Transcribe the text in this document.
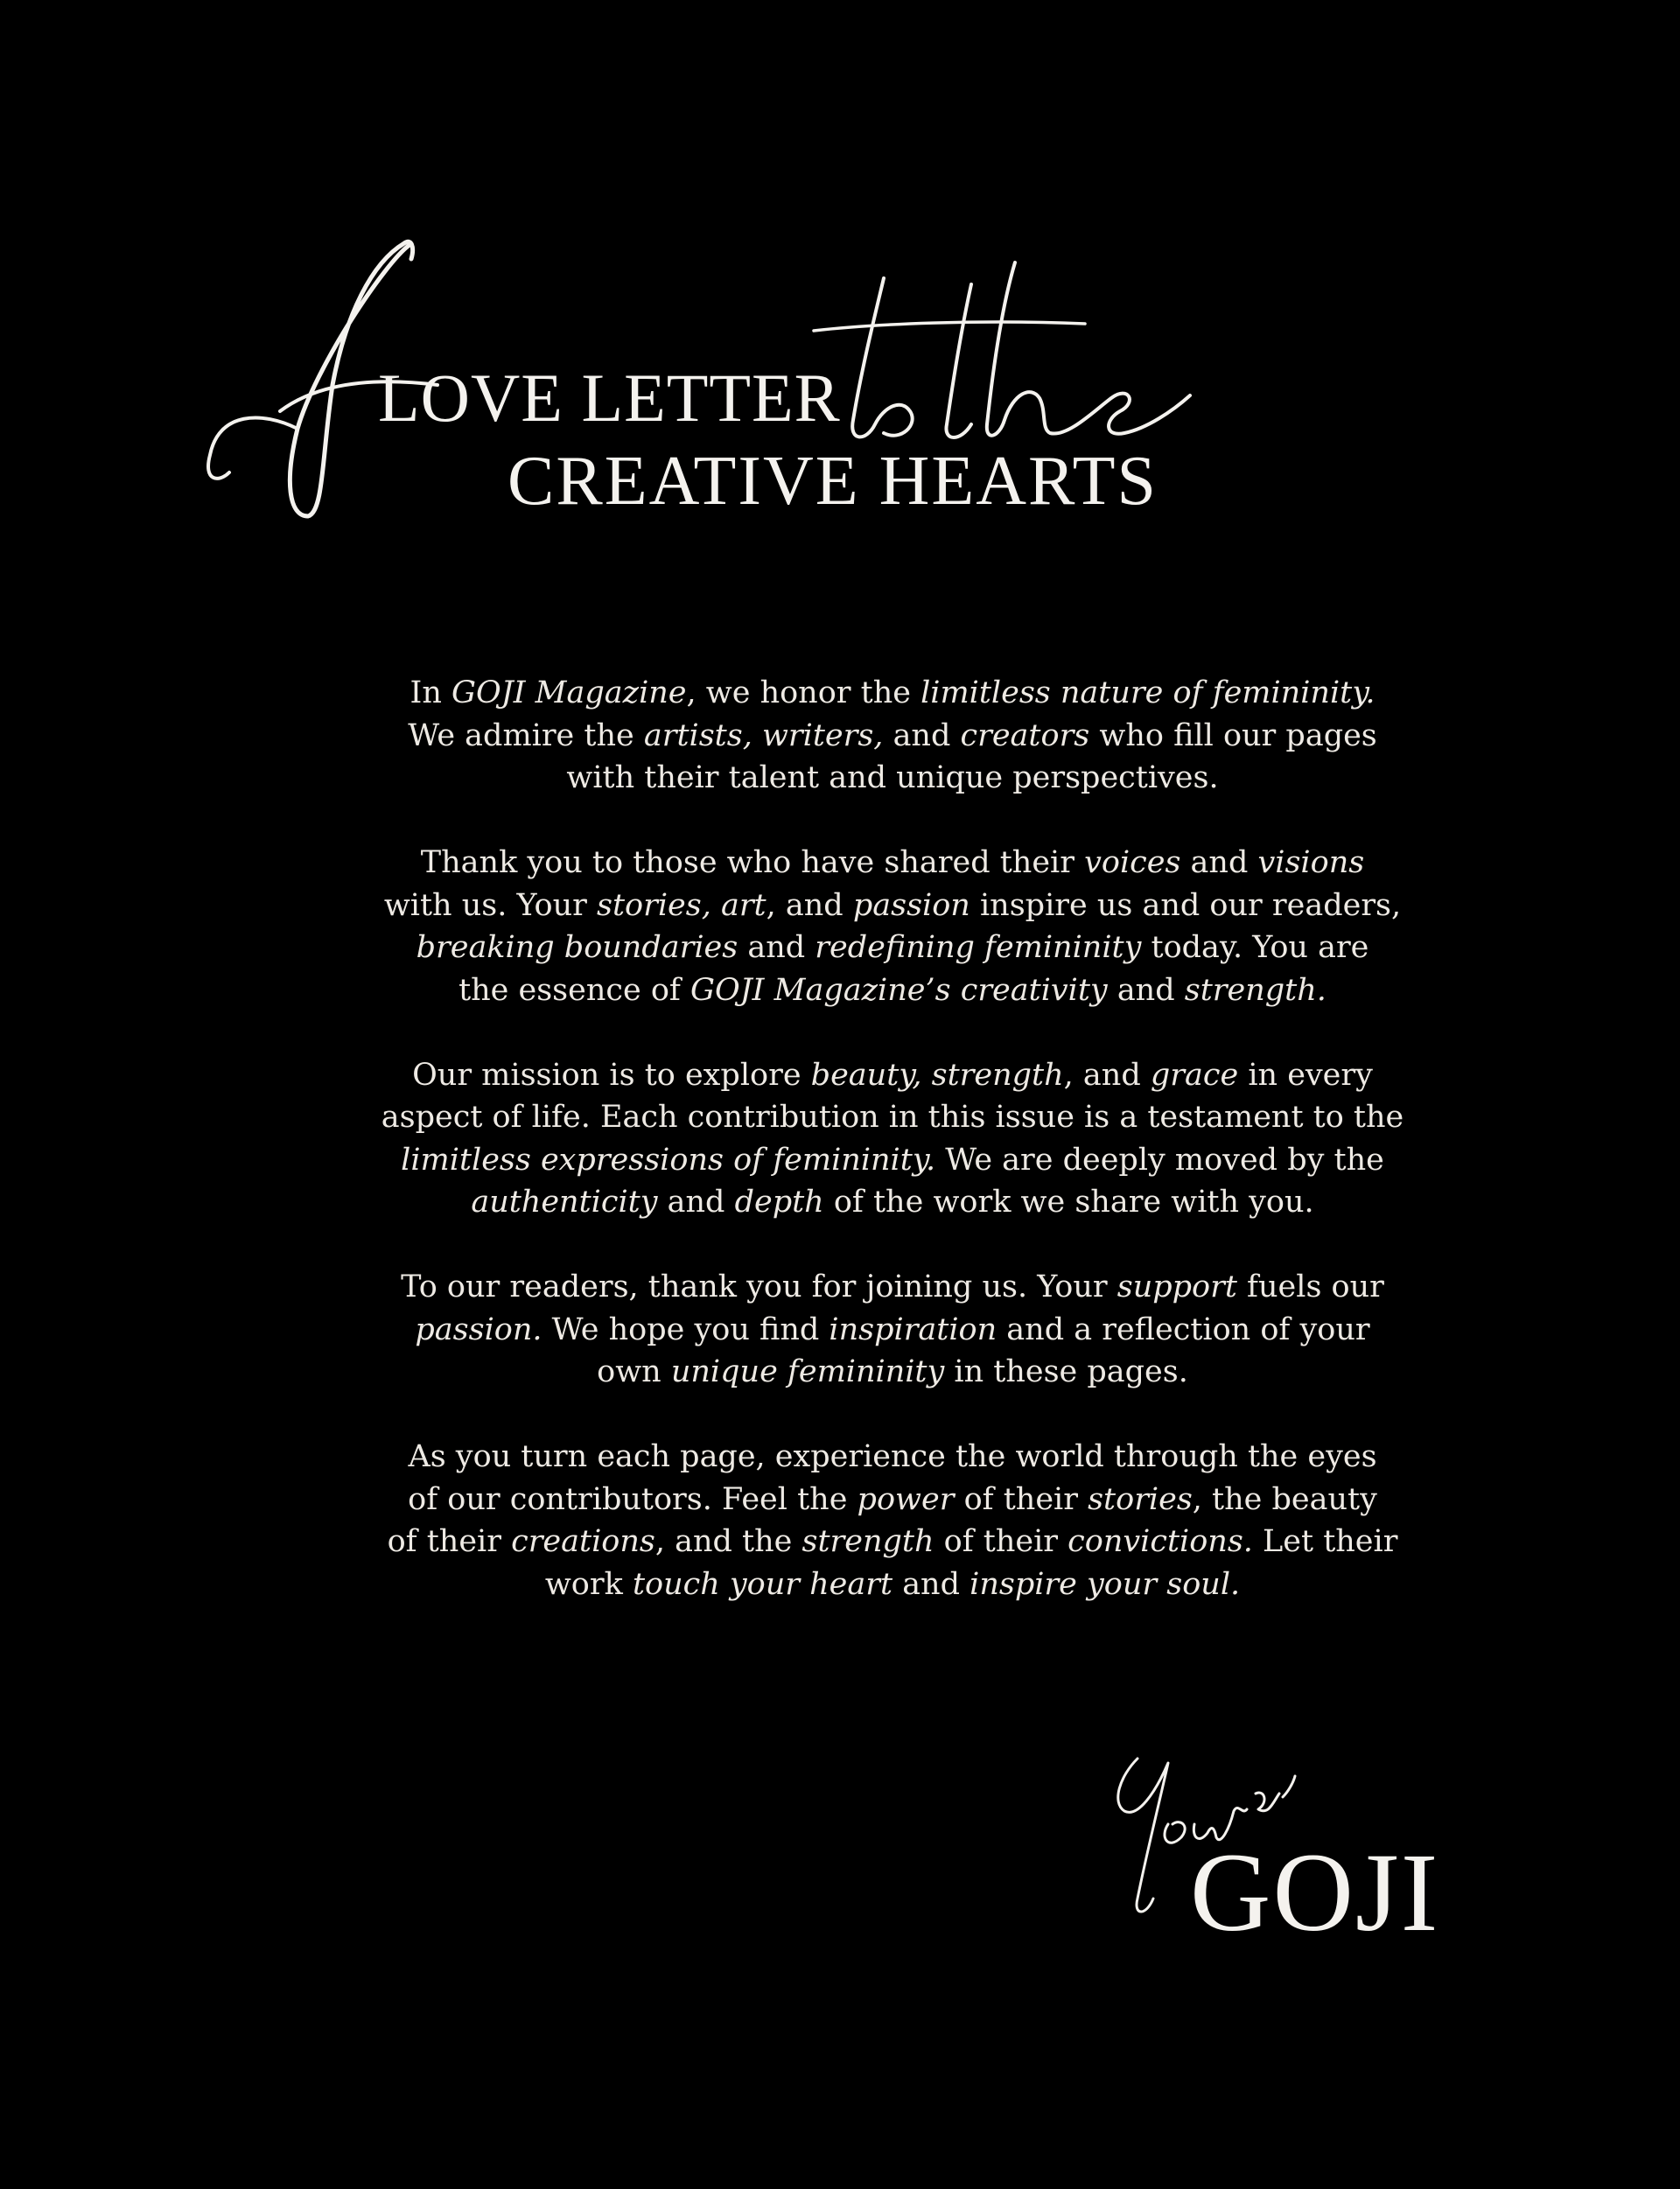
LOVE LETTER
CREATIVE HEARTS

In GOJI Magazine, we honor the limitless nature of femininity.
We admire the artists, writers, and creators who fill our pages
with their talent and unique perspectives.

Thank you to those who have shared their voices and visions
with us. Your stories, art, and passion inspire us and our readers,
breaking boundaries and redefining femininity today. You are
the essence of GOJI Magazine’s creativity and strength.

Our mission is to explore beauty, strength, and grace in every
aspect of life. Each contribution in this issue is a testament to the
limitless expressions of femininity. We are deeply moved by the
authenticity and depth of the work we share with you.

To our readers, thank you for joining us. Your support fuels our
passion. We hope you find inspiration and a reflection of your
own unique femininity in these pages.

As you turn each page, experience the world through the eyes
of our contributors. Feel the power of their stories, the beauty
of their creations, and the strength of their convictions. Let their
work touch your heart and inspire your soul.

GOJI
